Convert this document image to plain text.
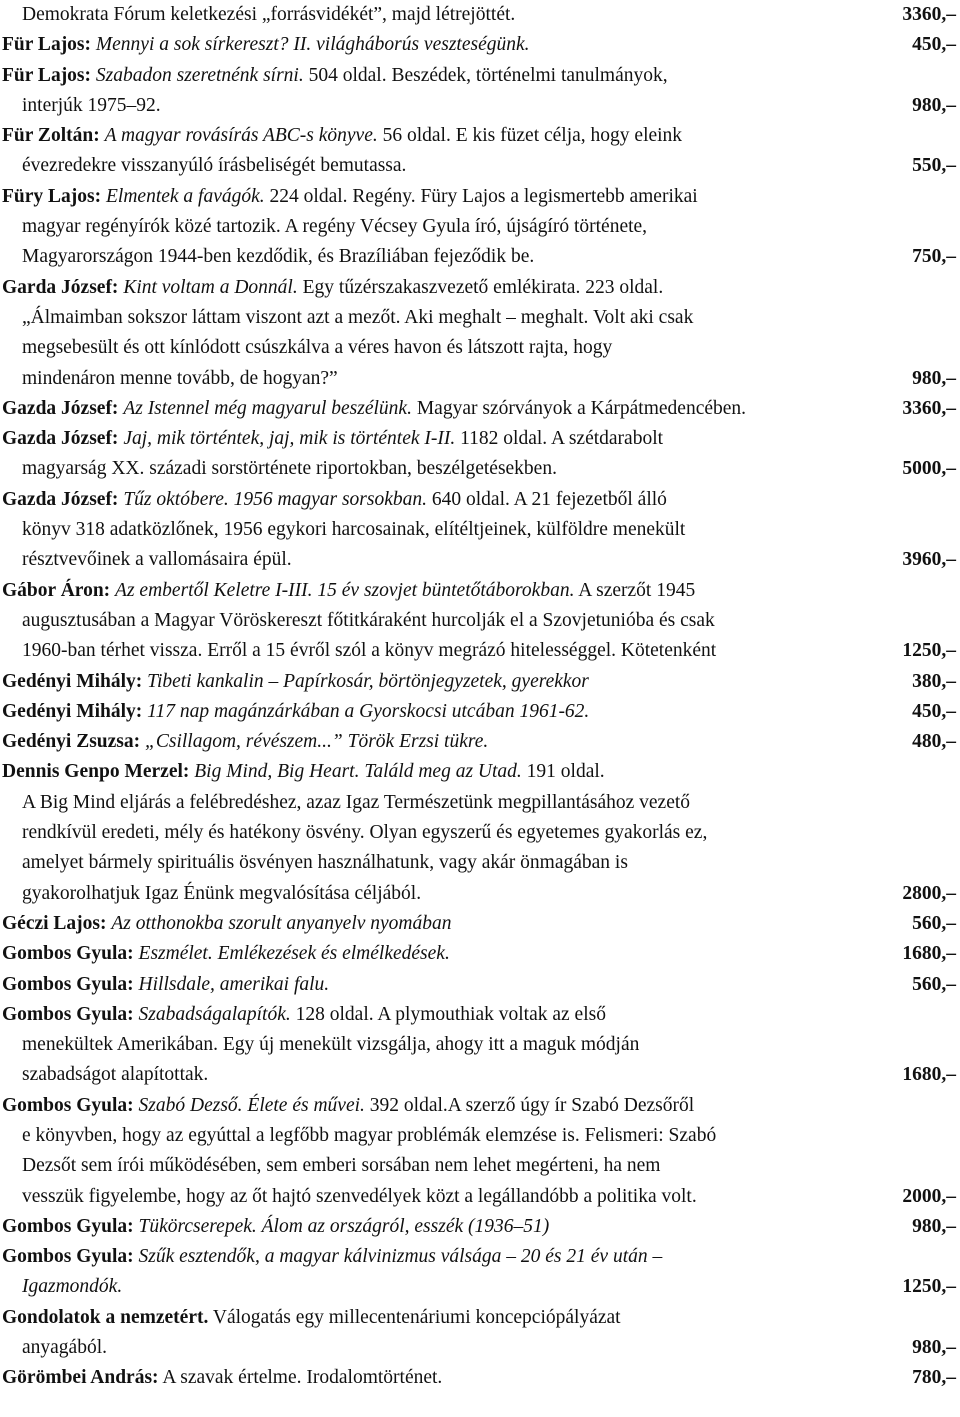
Demokrata Fórum keletkezési „forrásvidékét”, majd létrejöttét.	3360,–
Für Lajos: Mennyi a sok sírkereszt? II. világháborús veszteségünk.	450,–
Für Lajos: Szabadon szeretnénk sírni. 504 oldal. Beszédek, történelmi tanulmányok,
interjúk 1975–92.	980,–
Für Zoltán: A magyar rovásírás ABC-s könyve. 56 oldal. E kis füzet célja, hogy eleink
évezredekre visszanyúló írásbeliségét bemutassa.	550,–
Füry Lajos: Elmentek a favágók. 224 oldal. Regény. Füry Lajos a legismertebb amerikai
magyar regényírók közé tartozik. A regény Vécsey Gyula író, újságíró története,
Magyarországon 1944-ben kezdődik, és Brazíliában fejeződik be.	750,–
Garda József: Kint voltam a Donnál. Egy tűzérszakaszvezető emlékirata. 223 oldal.
„Álmaimban sokszor láttam viszont azt a mezőt. Aki meghalt – meghalt. Volt aki csak
megsebesült és ott kínlódott csúszkálva a véres havon és látszott rajta, hogy
mindenáron menne tovább, de hogyan?”	980,–
Gazda József: Az Istennel még magyarul beszélünk. Magyar szórványok a Kárpátmedencében.	3360,–
Gazda József: Jaj, mik történtek, jaj, mik is történtek I-II. 1182 oldal. A szétdarabolt
magyarság XX. századi sorstörténete riportokban, beszélgetésekben.	5000,–
Gazda József: Tűz októbere. 1956 magyar sorsokban. 640 oldal. A 21 fejezetből álló
könyv 318 adatközlőnek, 1956 egykori harcosainak, elítéltjeinek, külföldre menekült
résztvevőinek a vallomásaira épül.	3960,–
Gábor Áron: Az embertől Keletre I-III. 15 év szovjet büntetőtáborokban. A szerzőt 1945
augusztusában a Magyar Vöröskereszt főtitkáraként hurcolják el a Szovjetunióba és csak
1960-ban térhet vissza. Erről a 15 évről szól a könyv megrázó hitelességgel. Kötetenként	1250,–
Gedényi Mihály: Tibeti kankalin – Papírkosár, börtönjegyzetek, gyerekkor	380,–
Gedényi Mihály: 117 nap magánzárkában a Gyorskocsi utcában 1961-62.	450,–
Gedényi Zsuzsa: „Csillagom, révészem...” Török Erzsi tükre.	480,–
Dennis Genpo Merzel: Big Mind, Big Heart. Találd meg az Utad. 191 oldal.
A Big Mind eljárás a felébredéshez, azaz Igaz Természetünk megpillantásához vezető
rendkívül eredeti, mély és hatékony ösvény. Olyan egyszerű és egyetemes gyakorlás ez,
amelyet bármely spirituális ösvényen használhatunk, vagy akár önmagában is
gyakorolhatjuk Igaz Énünk megvalósítása céljából.	2800,–
Géczi Lajos: Az otthonokba szorult anyanyelv nyomában	560,–
Gombos Gyula: Eszmélet. Emlékezések és elmélkedések.	1680,–
Gombos Gyula: Hillsdale, amerikai falu.	560,–
Gombos Gyula: Szabadságalapítók. 128 oldal. A plymouthiak voltak az első
menekültek Amerikában. Egy új menekült vizsgálja, ahogy itt a maguk módján
szabadságot alapítottak.	1680,–
Gombos Gyula: Szabó Dezső. Élete és művei. 392 oldal.A szerző úgy ír Szabó Dezsőről
e könyvben, hogy az egyúttal a legfőbb magyar problémák elemzése is. Felismeri: Szabó
Dezsőt sem írói működésében, sem emberi sorsában nem lehet megérteni, ha nem
vesszük figyelembe, hogy az őt hajtó szenvedélyek közt a legállandóbb a politika volt.	2000,–
Gombos Gyula: Tükörcserepek. Álom az országról, esszék (1936–51)	980,–
Gombos Gyula: Szűk esztendők, a magyar kálvinizmus válsága – 20 és 21 év után –
Igazmondók.	1250,–
Gondolatok a nemzetért. Válogatás egy millecentenáriumi koncepciópályázat
anyagából.	980,–
Görömbei András: A szavak értelme. Irodalomtörténet.	780,–
